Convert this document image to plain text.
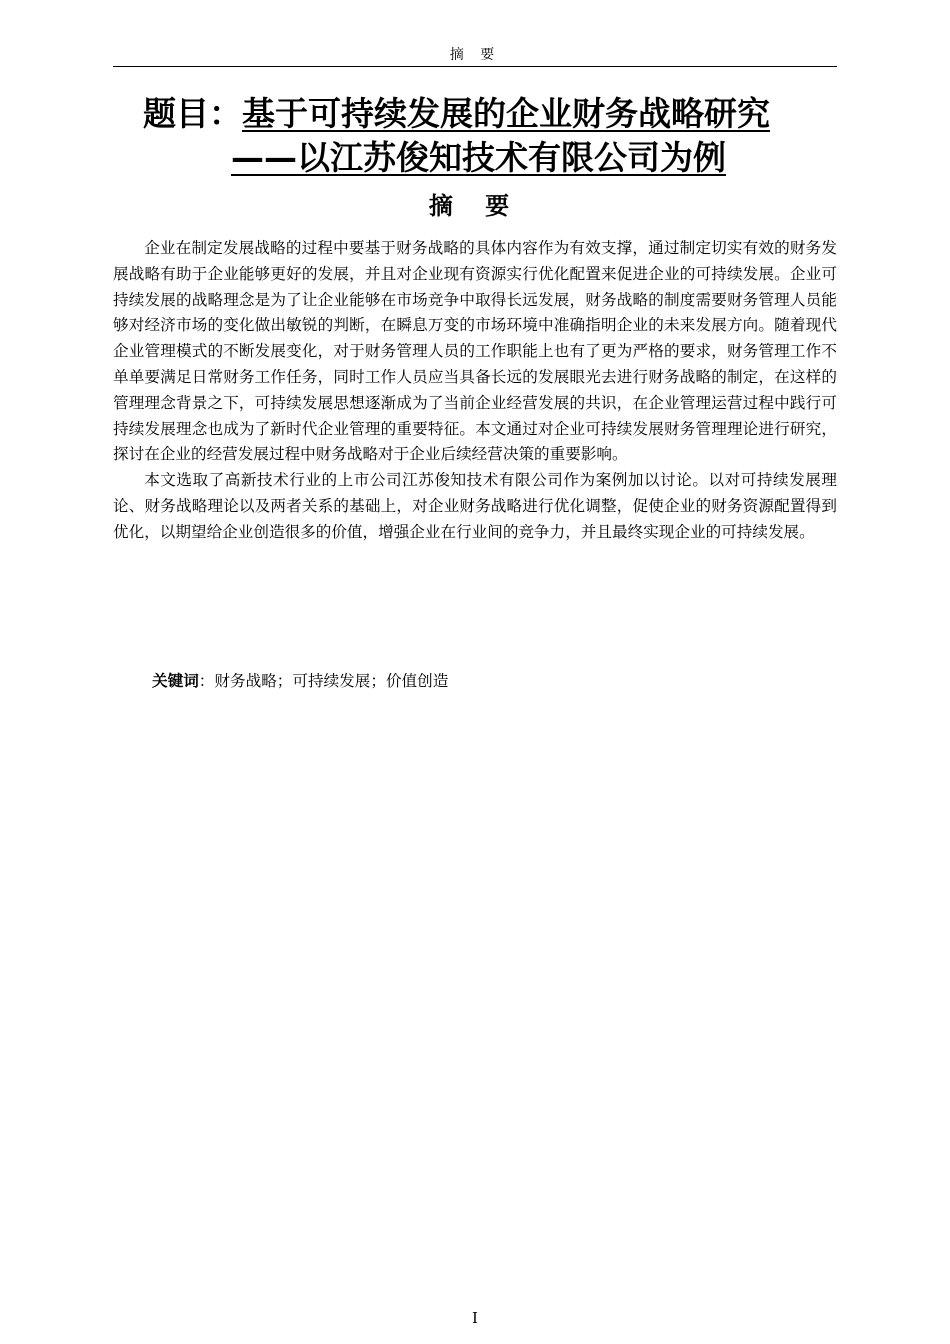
摘 要
题目：基于可持续发展的企业财务战略研究
——以江苏俊知技术有限公司为例
摘 要

企业在制定发展战略的过程中要基于财务战略的具体内容作为有效支撑，通过制定切实有效的财务发展战略有助于企业能够更好的发展，并且对企业现有资源实行优化配置来促进企业的可持续发展。企业可持续发展的战略理念是为了让企业能够在市场竞争中取得长远发展，财务战略的制度需要财务管理人员能够对经济市场的变化做出敏锐的判断，在瞬息万变的市场环境中准确指明企业的未来发展方向。随着现代企业管理模式的不断发展变化，对于财务管理人员的工作职能上也有了更为严格的要求，财务管理工作不单单要满足日常财务工作任务，同时工作人员应当具备长远的发展眼光去进行财务战略的制定，在这样的管理理念背景之下，可持续发展思想逐渐成为了当前企业经营发展的共识，在企业管理运营过程中践行可持续发展理念也成为了新时代企业管理的重要特征。本文通过对企业可持续发展财务管理理论进行研究，探讨在企业的经营发展过程中财务战略对于企业后续经营决策的重要影响。

本文选取了高新技术行业的上市公司江苏俊知技术有限公司作为案例加以讨论。以对可持续发展理论、财务战略理论以及两者关系的基础上，对企业财务战略进行优化调整，促使企业的财务资源配置得到优化，以期望给企业创造很多的价值，增强企业在行业间的竞争力，并且最终实现企业的可持续发展。

关键词：财务战略；可持续发展；价值创造
I
